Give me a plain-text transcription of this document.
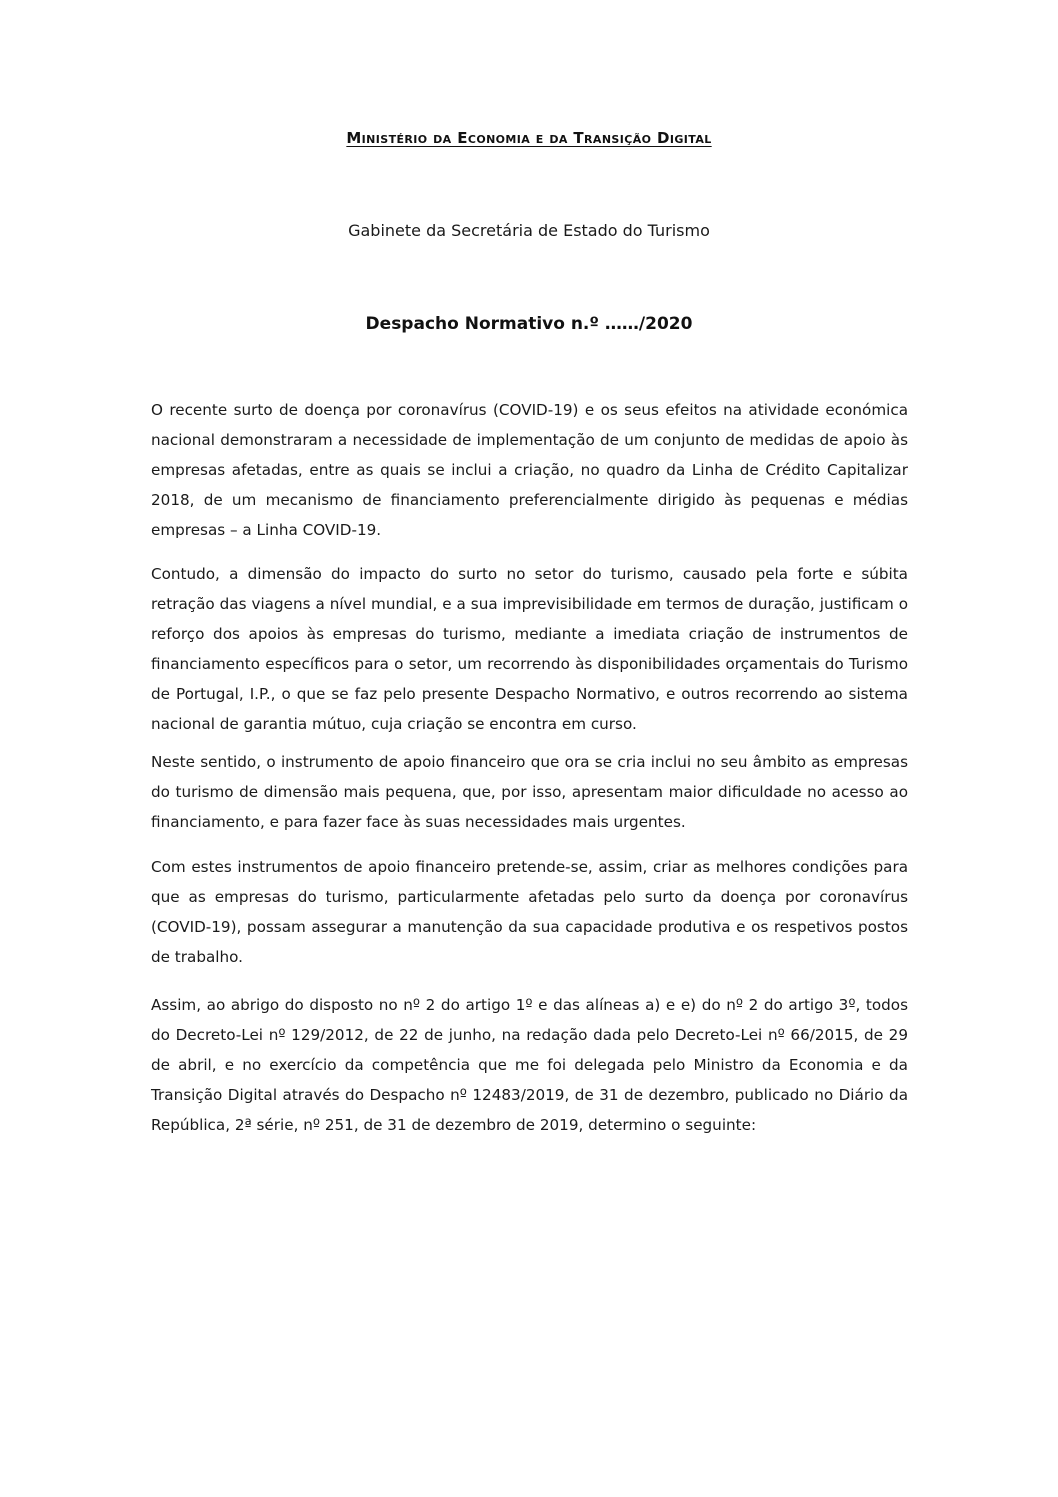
Ministério da Economia e da Transição Digital
Gabinete da Secretária de Estado do Turismo
Despacho Normativo n.º ……/2020

O recente surto de doença por coronavírus (COVID-19) e os seus efeitos na atividade económica nacional demonstraram a necessidade de implementação de um conjunto de medidas de apoio às empresas afetadas, entre as quais se inclui a criação, no quadro da Linha de Crédito Capitalizar 2018, de um mecanismo de financiamento preferencialmente dirigido às pequenas e médias empresas – a Linha COVID-19.

Contudo, a dimensão do impacto do surto no setor do turismo, causado pela forte e súbita retração das viagens a nível mundial, e a sua imprevisibilidade em termos de duração, justificam o reforço dos apoios às empresas do turismo, mediante a imediata criação de instrumentos de financiamento específicos para o setor, um recorrendo às disponibilidades orçamentais do Turismo de Portugal, I.P., o que se faz pelo presente Despacho Normativo, e outros recorrendo ao sistema nacional de garantia mútuo, cuja criação se encontra em curso.

Neste sentido, o instrumento de apoio financeiro que ora se cria inclui no seu âmbito as empresas do turismo de dimensão mais pequena, que, por isso, apresentam maior dificuldade no acesso ao financiamento, e para fazer face às suas necessidades mais urgentes.

Com estes instrumentos de apoio financeiro pretende-se, assim, criar as melhores condições para que as empresas do turismo, particularmente afetadas pelo surto da doença por coronavírus (COVID-19), possam assegurar a manutenção da sua capacidade produtiva e os respetivos postos de trabalho.

Assim, ao abrigo do disposto no nº 2 do artigo 1º e das alíneas a) e e) do nº 2 do artigo 3º, todos do Decreto-Lei nº 129/2012, de 22 de junho, na redação dada pelo Decreto-Lei nº 66/2015, de 29 de abril, e no exercício da competência que me foi delegada pelo Ministro da Economia e da Transição Digital através do Despacho nº 12483/2019, de 31 de dezembro, publicado no Diário da República, 2ª série, nº 251, de 31 de dezembro de 2019, determino o seguinte:
